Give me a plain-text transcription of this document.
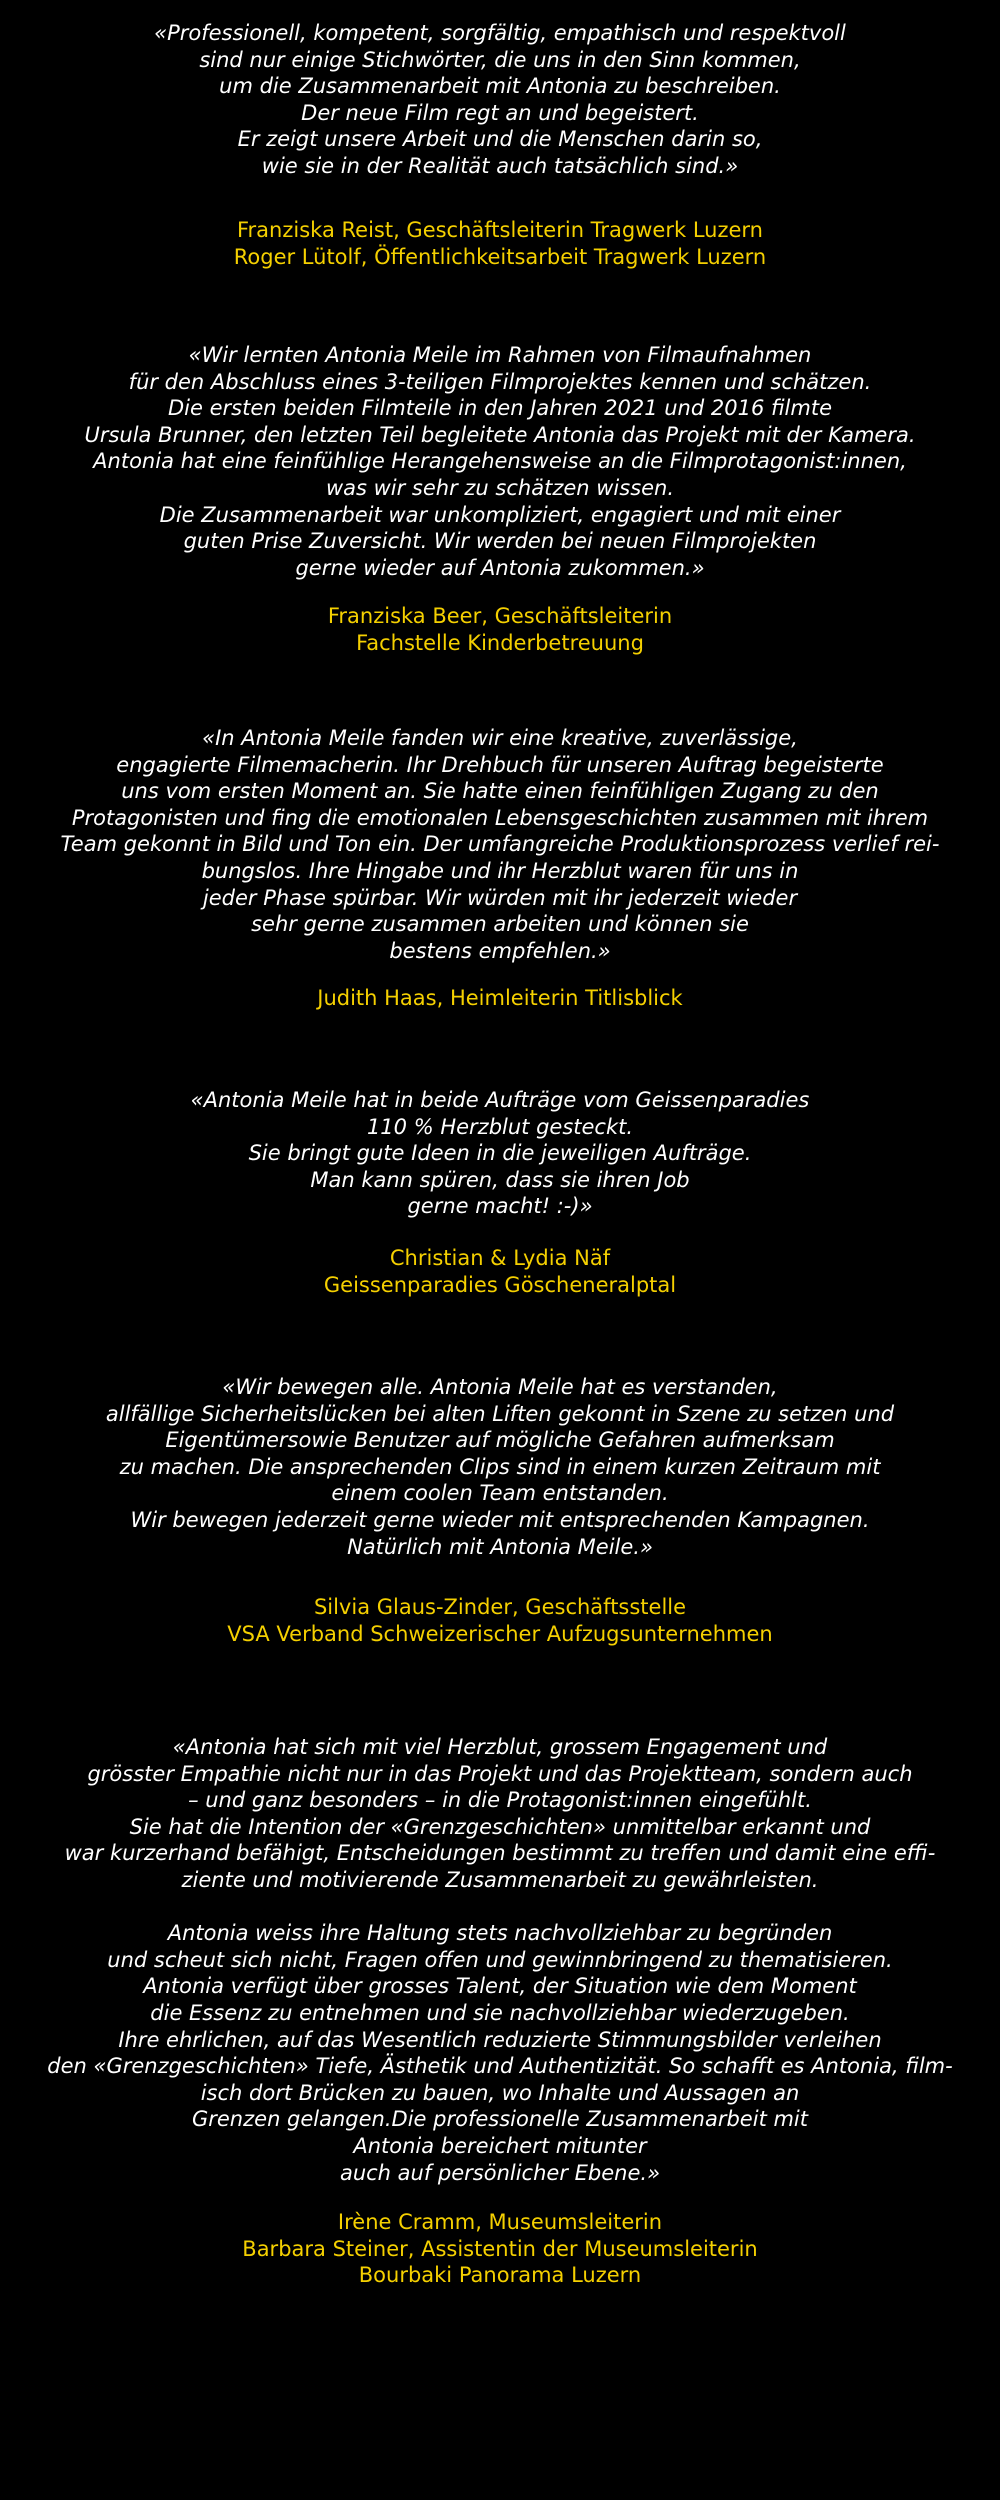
«Professionell, kompetent, sorgfältig, empathisch und respektvoll
sind nur einige Stichwörter, die uns in den Sinn kommen,
um die Zusammenarbeit mit Antonia zu beschreiben.
Der neue Film regt an und begeistert.
Er zeigt unsere Arbeit und die Menschen darin so,
wie sie in der Realität auch tatsächlich sind.»
Franziska Reist, Geschäftsleiterin Tragwerk Luzern
Roger Lütolf, Öffentlichkeitsarbeit Tragwerk Luzern
«Wir lernten Antonia Meile im Rahmen von Filmaufnahmen
für den Abschluss eines 3-teiligen Filmprojektes kennen und schätzen.
Die ersten beiden Filmteile in den Jahren 2021 und 2016 filmte
Ursula Brunner, den letzten Teil begleitete Antonia das Projekt mit der Kamera.
Antonia hat eine feinfühlige Herangehensweise an die Filmprotagonist:innen,
was wir sehr zu schätzen wissen.
Die Zusammenarbeit war unkompliziert, engagiert und mit einer
guten Prise Zuversicht. Wir werden bei neuen Filmprojekten
gerne wieder auf Antonia zukommen.»
Franziska Beer, Geschäftsleiterin
Fachstelle Kinderbetreuung
«In Antonia Meile fanden wir eine kreative, zuverlässige,
engagierte Filmemacherin. Ihr Drehbuch für unseren Auftrag begeisterte
uns vom ersten Moment an. Sie hatte einen feinfühligen Zugang zu den
Protagonisten und fing die emotionalen Lebensgeschichten zusammen mit ihrem
Team gekonnt in Bild und Ton ein. Der umfangreiche Produktionsprozess verlief rei-
bungslos. Ihre Hingabe und ihr Herzblut waren für uns in
jeder Phase spürbar. Wir würden mit ihr jederzeit wieder
sehr gerne zusammen arbeiten und können sie
bestens empfehlen.»
Judith Haas, Heimleiterin Titlisblick
«Antonia Meile hat in beide Aufträge vom Geissenparadies
110 % Herzblut gesteckt.
Sie bringt gute Ideen in die jeweiligen Aufträge.
Man kann spüren, dass sie ihren Job
gerne macht! :-)»
Christian & Lydia Näf
Geissenparadies Göscheneralptal
«Wir bewegen alle. Antonia Meile hat es verstanden,
allfällige Sicherheitslücken bei alten Liften gekonnt in Szene zu setzen und
Eigentümersowie Benutzer auf mögliche Gefahren aufmerksam
zu machen. Die ansprechenden Clips sind in einem kurzen Zeitraum mit
einem coolen Team entstanden.
Wir bewegen jederzeit gerne wieder mit entsprechenden Kampagnen.
Natürlich mit Antonia Meile.»
Silvia Glaus-Zinder, Geschäftsstelle
VSA Verband Schweizerischer Aufzugsunternehmen
«Antonia hat sich mit viel Herzblut, grossem Engagement und
grösster Empathie nicht nur in das Projekt und das Projektteam, sondern auch
– und ganz besonders – in die Protagonist:innen eingefühlt.
Sie hat die Intention der «Grenzgeschichten» unmittelbar erkannt und
war kurzerhand befähigt, Entscheidungen bestimmt zu treffen und damit eine effi-
ziente und motivierende Zusammenarbeit zu gewährleisten.
Antonia weiss ihre Haltung stets nachvollziehbar zu begründen
und scheut sich nicht, Fragen offen und gewinnbringend zu thematisieren.
Antonia verfügt über grosses Talent, der Situation wie dem Moment
die Essenz zu entnehmen und sie nachvollziehbar wiederzugeben.
Ihre ehrlichen, auf das Wesentlich reduzierte Stimmungsbilder verleihen
den «Grenzgeschichten» Tiefe, Ästhetik und Authentizität. So schafft es Antonia, film-
isch dort Brücken zu bauen, wo Inhalte und Aussagen an
Grenzen gelangen.Die professionelle Zusammenarbeit mit
Antonia bereichert mitunter
auch auf persönlicher Ebene.»
Irène Cramm, Museumsleiterin
Barbara Steiner, Assistentin der Museumsleiterin
Bourbaki Panorama Luzern
